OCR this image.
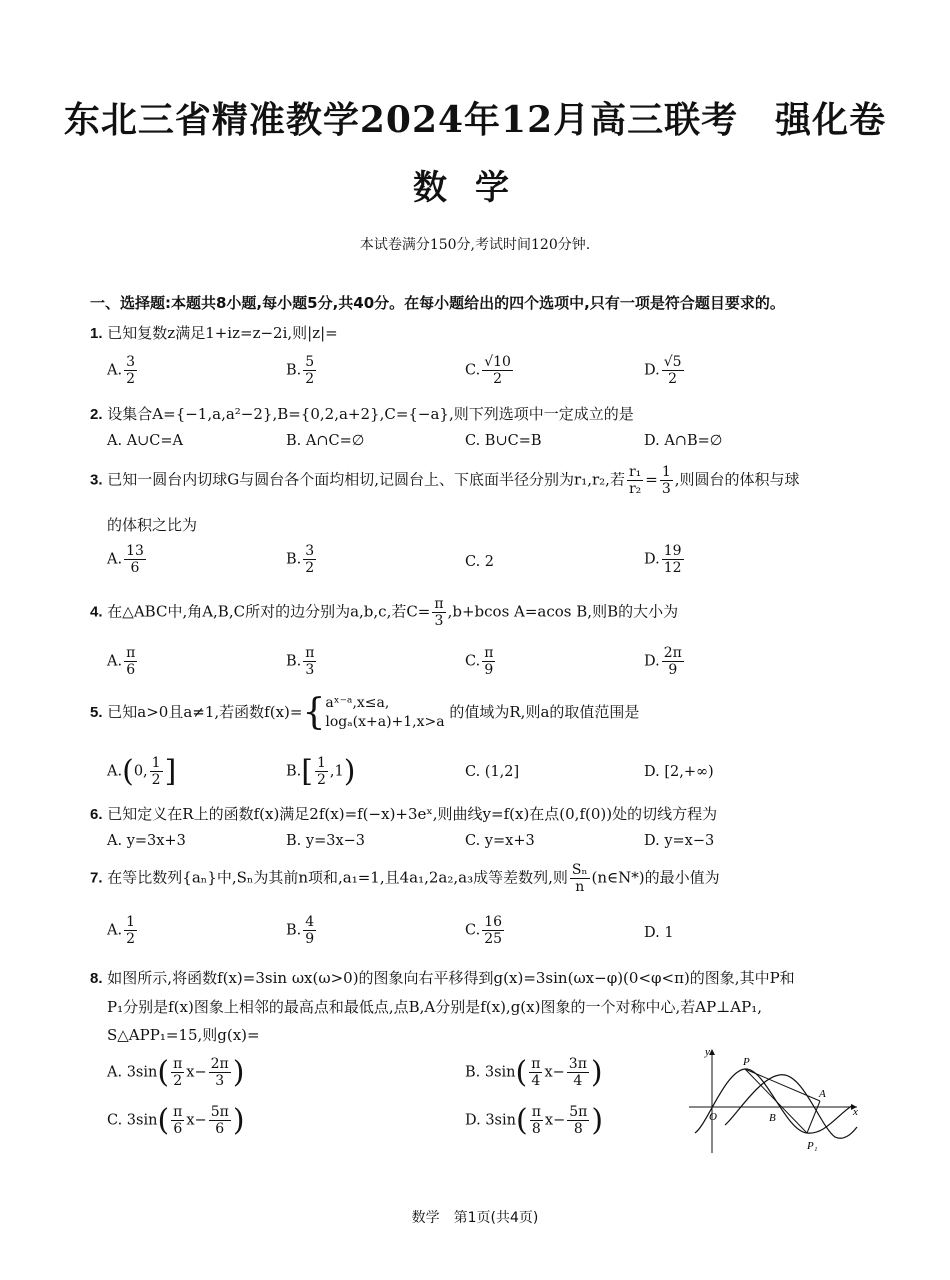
东北三省精准教学2024年12月高三联考　强化卷
数学
本试卷满分150分,考试时间120分钟.
一、选择题:本题共8小题,每小题5分,共40分。在每小题给出的四个选项中,只有一项是符合题目要求的。
1. 已知复数z满足1+iz=z−2i,则|z|=
A. $\frac{3}{2}$	B. $\frac{5}{2}$	C. $\frac{√10}{2}$	D. $\frac{√5}{2}$
2. 设集合A={−1,a,a²−2},B={0,2,a+2},C={−a},则下列选项中一定成立的是
A. A∪C=A	B. A∩C=∅	C. B∪C=B	D. A∩B=∅
3. 已知一圆台内切球G与圆台各个面均相切,记圆台上、下底面半径分别为r₁,r₂,若 $\frac{\text{r₁}}{\text{r₂}} = \frac{1}{3}$ ,则圆台的体积与球
的体积之比为
A. $\frac{13}{6}$	B. $\frac{3}{2}$	C. 2	D. $\frac{19}{12}$
4. 在△ABC中,角A,B,C所对的边分别为a,b,c,若$C= \frac{\pi}{3} ,b+bcos$ A=acos B,则B的大小为
A. $\frac{\pi}{6}$	B. $\frac{\pi}{3}$	C. $\frac{\pi}{9}$	D. $\frac{2\pi}{9}$
5. 已知a>0且a≠1,若函数f(x)={ aˣ⁻ᵃ,x≤a,
logₐ(x+a)+1,x>a
的值域为R,则a的取值范围是
A.(0, $\frac{1}{2}$ ]	$B.[ \frac{1}{2} ,1)$	C. (1,2]	D. [2,+∞)
6. 已知定义在R上的函数f(x)满足2f(x)=f(−x)+3eˣ,则曲线y=f(x)在点(0,f(0))处的切线方程为
A. y=3x+3	B. y=3x−3	C. y=x+3	D. y=x−3
7. 在等比数列{aₙ}中,Sₙ为其前n项和,a₁=1,且4a₁,2a₂,a₃成等差数列,则 $\frac{\text{Sₙ}}{n}$ (n∈N*)的最小值为
A. $\frac{1}{2}$	B. $\frac{4}{9}$	C. $\frac{16}{25}$	D. 1
8. 如图所示,将函数f(x)=3sin ωx(ω>0)的图象向右平移得到g(x)=3sin(ωx−φ)(0<φ<π)的图象,其中P和
P₁分别是f(x)图象上相邻的最高点和最低点,点B,A分别是f(x),g(x)图象的一个对称中心,若AP⊥AP₁,
S△APP₁=15,则g(x)=
A. $3\sin( \frac{\pi}{2} x- \frac{2\pi}{3}$ )	B. $3\sin( \frac{\pi}{4} x- \frac{3\pi}{4}$ )
C. $3\sin( \frac{\pi}{6} x- \frac{5\pi}{6}$ )	D. $3\sin( \frac{\pi}{8} x- \frac{5\pi}{8}$ )
y
x
O
P
B
A
P₁
数学　第1页(共4页)
